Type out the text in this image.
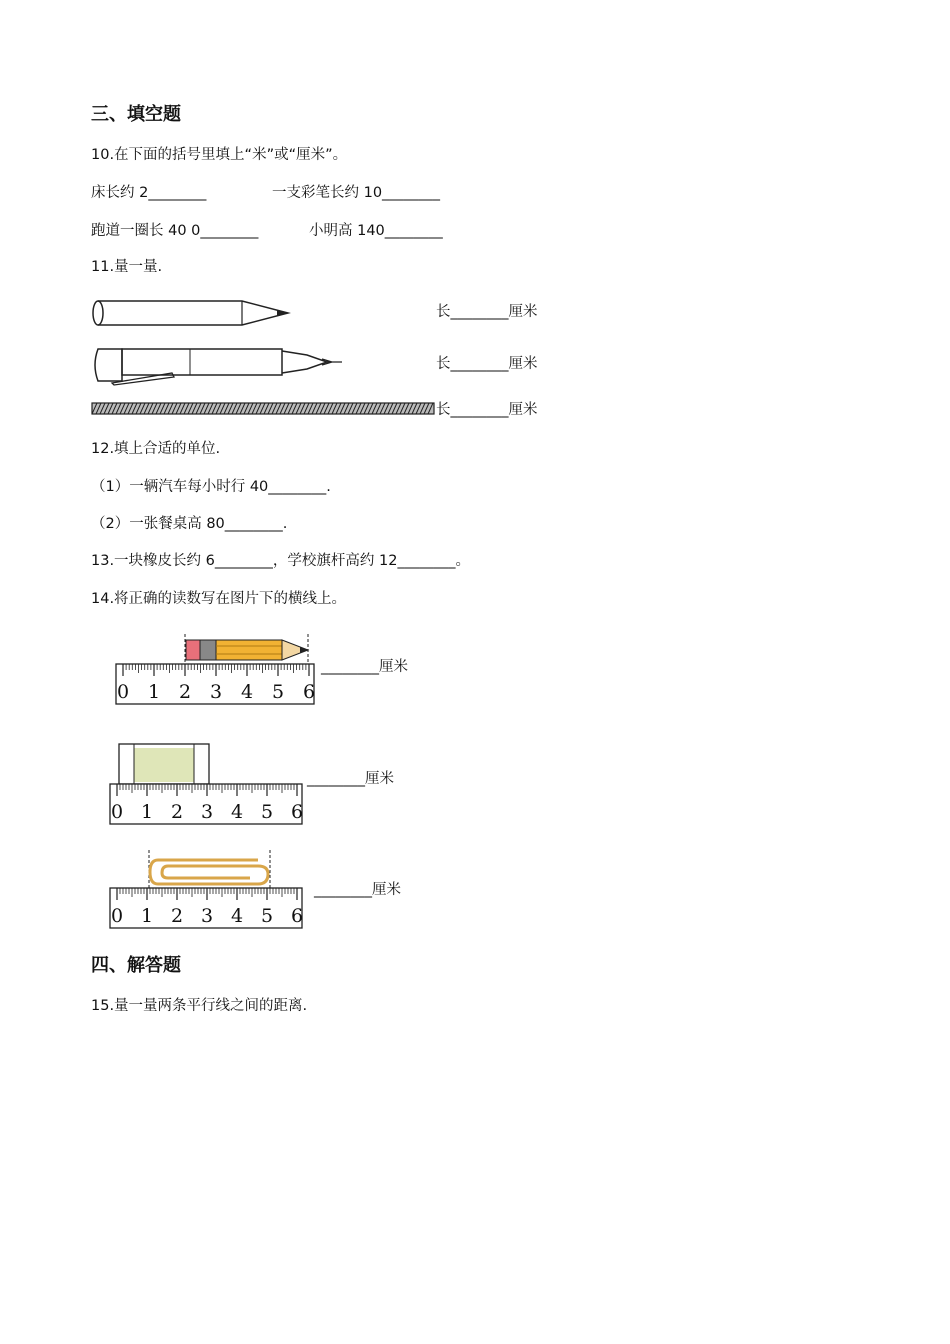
三、填空题
10.在下面的括号里填上“米”或“厘米”。
床长约 2________	一支彩笔长约 10________
跑道一圈长 40 0________	小明高 140________
11.量一量.
长________厘米
长________厘米
长________厘米
12.填上合适的单位.
（1）一辆汽车每小时行 40________.
（2）一张餐桌高 80________.
13.一块橡皮长约 6________，学校旗杆高约 12________。
14.将正确的读数写在图片下的横线上。
0 1 2 3 4 5 6
________厘米
0 1 2 3 4 5 6
________厘米
0 1 2 3 4 5 6
________厘米
四、解答题
15.量一量两条平行线之间的距离.
